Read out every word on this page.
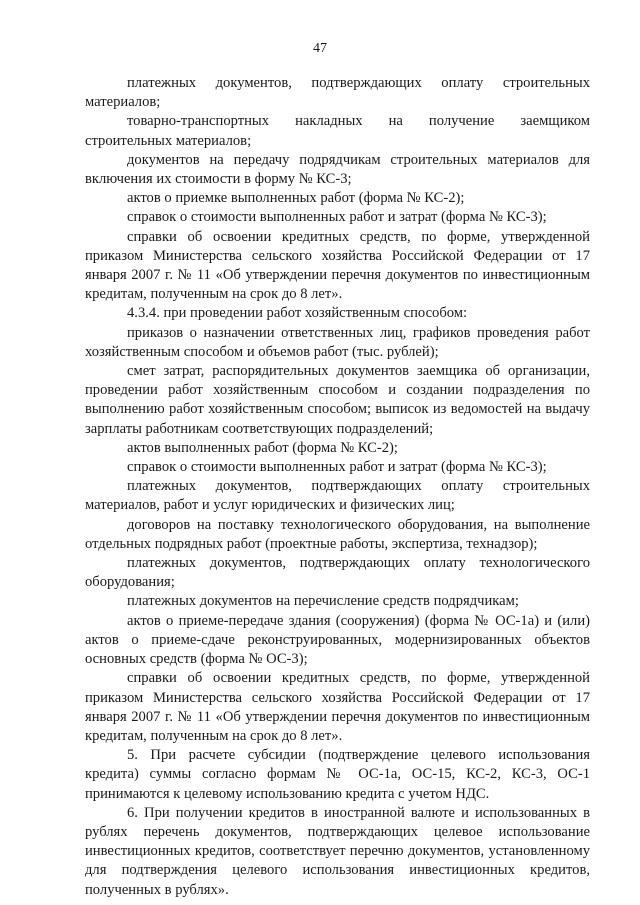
47

платежных документов, подтверждающих оплату строительных материалов;

товарно-транспортных накладных на получение заемщиком строительных материалов;

документов на передачу подрядчикам строительных материалов для включения их стоимости в форму № КС-3;

актов о приемке выполненных работ (форма № КС-2);

справок о стоимости выполненных работ и затрат (форма № КС-3);

справки об освоении кредитных средств, по форме, утвержденной приказом Министерства сельского хозяйства Российской Федерации от 17 января 2007 г. № 11 «Об утверждении перечня документов по инвестиционным кредитам, полученным на срок до 8 лет».

4.3.4. при проведении работ хозяйственным способом:

приказов о назначении ответственных лиц, графиков проведения работ хозяйственным способом и объемов работ (тыс. рублей);

смет затрат, распорядительных документов заемщика об организации, проведении работ хозяйственным способом и создании подразделения по выполнению работ хозяйственным способом; выписок из ведомостей на выдачу зарплаты работникам соответствующих подразделений;

актов выполненных работ (форма № КС-2);

справок о стоимости выполненных работ и затрат (форма № КС-3);

платежных документов, подтверждающих оплату строительных материалов, работ и услуг юридических и физических лиц;

договоров на поставку технологического оборудования, на выполнение отдельных подрядных работ (проектные работы, экспертиза, технадзор);

платежных документов, подтверждающих оплату технологического оборудования;

платежных документов на перечисление средств подрядчикам;

актов о приеме-передаче здания (сооружения) (форма № ОС-1а) и (или) актов о приеме-сдаче реконструированных, модернизированных объектов основных средств (форма № ОС-3);

справки об освоении кредитных средств, по форме, утвержденной приказом Министерства сельского хозяйства Российской Федерации от 17 января 2007 г. № 11 «Об утверждении перечня документов по инвестиционным кредитам, полученным на срок до 8 лет».

5. При расчете субсидии (подтверждение целевого использования кредита) суммы согласно формам № ОС-1а, ОС-15, КС-2, КС-3, ОС-1 принимаются к целевому использованию кредита с учетом НДС.

6. При получении кредитов в иностранной валюте и использованных в рублях перечень документов, подтверждающих целевое использование инвестиционных кредитов, соответствует перечню документов, установленному для подтверждения целевого использования инвестиционных кредитов, полученных в рублях».
